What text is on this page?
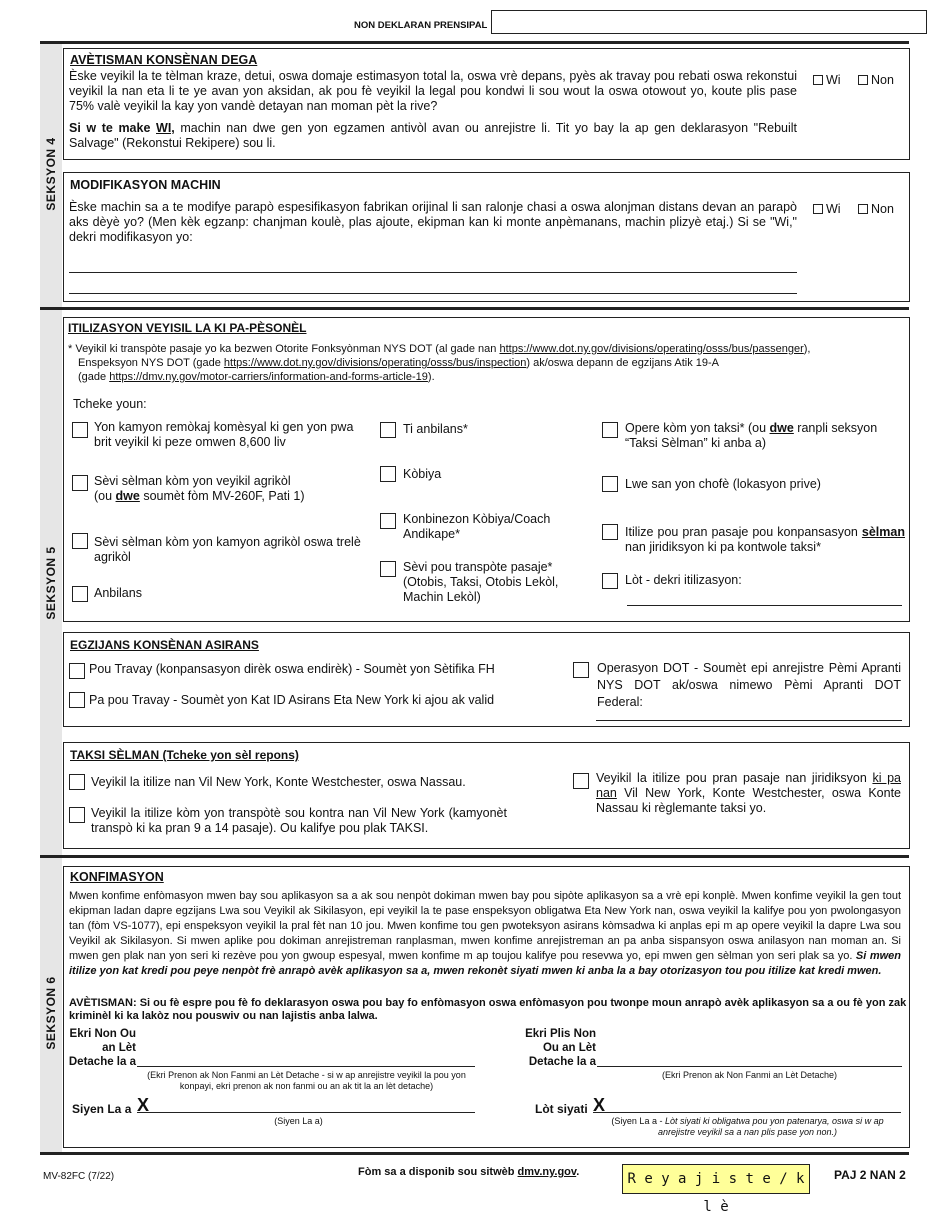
NON DEKLARAN PRENSIPAL
SEKSYON 4
AVÈTISMAN KONSÈNAN DEGA
Èske veyikil la te tèlman kraze, detui, oswa domaje estimasyon total la, oswa vrè depans, pyès ak travay pou rebati oswa rekonstui veyikil la nan eta li te ye avan yon aksidan, ak pou fè veyikil la legal pou kondwi li sou wout la oswa otowout yo, koute plis pase 75% valè veyikil la kay yon vandè detayan nan moman pèt la rive?
Si w te make WI, machin nan dwe gen yon egzamen antivòl avan ou anrejistre li. Tit yo bay la ap gen deklarasyon "Rebuilt Salvage" (Rekonstui Rekipere) sou li.
Wi	Non
MODIFIKASYON MACHIN
Èske machin sa a te modifye parapò espesifikasyon fabrikan orijinal li san ralonje chasi a oswa alonjman distans devan an parapò aks dèyè yo? (Men kèk egzanp: chanjman koulè, plas ajoute, ekipman kan ki monte anpèmanans, machin plizyè etaj.) Si se "Wi," dekri modifikasyon yo:
Wi	Non
SEKSYON 5
ITILIZASYON VEYISIL LA KI PA-PÈSONÈL
* Veyikil ki transpòte pasaje yo ka bezwen Otorite Fonksyònman NYS DOT (al gade nan https://www.dot.ny.gov/divisions/operating/osss/bus/passenger),
Enspeksyon NYS DOT (gade https://www.dot.ny.gov/divisions/operating/osss/bus/inspection) ak/oswa depann de egzijans Atik 19-A
(gade https://dmv.ny.gov/motor-carriers/information-and-forms-article-19).
Tcheke youn:
Yon kamyon remòkaj komèsyal ki gen yon pwa brit veyikil ki peze omwen 8,600 liv
Sèvi sèlman kòm yon veyikil agrikòl
(ou dwe soumèt fòm MV-260F, Pati 1)
Sèvi sèlman kòm yon kamyon agrikòl oswa trelè agrikòl
Anbilans
Ti anbilans*
Kòbiya
Konbinezon Kòbiya/Coach Andikape*
Sèvi pou transpòte pasaje* (Otobis, Taksi, Otobis Lekòl, Machin Lekòl)
Opere kòm yon taksi* (ou dwe ranpli seksyon “Taksi Sèlman” ki anba a)
Lwe san yon chofè (lokasyon prive)
Itilize pou pran pasaje pou konpansasyon sèlman nan jiridiksyon ki pa kontwole taksi*
Lòt - dekri itilizasyon:
EGZIJANS KONSÈNAN ASIRANS
Pou Travay (konpansasyon dirèk oswa endirèk) - Soumèt yon Sètifika FH
Pa pou Travay - Soumèt yon Kat ID Asirans Eta New York ki ajou ak valid
Operasyon DOT - Soumèt epi anrejistre Pèmi Apranti NYS DOT ak/oswa nimewo Pèmi Apranti DOT Federal:
TAKSI SÈLMAN (Tcheke yon sèl repons)
Veyikil la itilize nan Vil New York, Konte Westchester, oswa Nassau.
Veyikil la itilize kòm yon transpòtè sou kontra nan Vil New York (kamyonèt transpò ki ka pran 9 a 14 pasaje). Ou kalifye pou plak TAKSI.
Veyikil la itilize pou pran pasaje nan jiridiksyon ki pa nan Vil New York, Konte Westchester, oswa Konte Nassau ki règlemante taksi yo.
SEKSYON 6
KONFIMASYON
Mwen konfime enfòmasyon mwen bay sou aplikasyon sa a ak sou nenpòt dokiman mwen bay pou sipòte aplikasyon sa a vrè epi konplè. Mwen konfime veyikil la gen tout ekipman ladan dapre egzijans Lwa sou Veyikil ak Sikilasyon, epi veyikil la te pase enspeksyon obligatwa Eta New York nan, oswa veyikil la kalifye pou yon pwolongasyon tan (fòm VS-1077), epi enspeksyon veyikil la pral fèt nan 10 jou. Mwen konfime tou gen pwoteksyon asirans kòmsadwa ki anplas epi m ap opere veyikil la dapre Lwa sou Veyikil ak Sikilasyon. Si mwen aplike pou dokiman anrejistreman ranplasman, mwen konfime anrejistreman an pa anba sispansyon oswa anilasyon nan moman an. Si mwen gen plak nan yon seri ki rezève pou yon gwoup espesyal, mwen konfime m ap toujou kalifye pou resevwa yo, epi mwen gen sèlman yon seri plak sa yo. Si mwen itilize yon kat kredi pou peye nenpòt frè anrapò avèk aplikasyon sa a, mwen rekonèt siyati mwen ki anba la a bay otorizasyon tou pou itilize kat kredi mwen.
AVÈTISMAN: Si ou fè espre pou fè fo deklarasyon oswa pou bay fo enfòmasyon oswa enfòmasyon pou twonpe moun anrapò avèk aplikasyon sa a ou fè yon zak kriminèl ki ka lakòz nou pouswiv ou nan lajistis anba lalwa.
Ekri Non Ou an Lèt Detache la a
(Ekri Prenon ak Non Fanmi an Lèt Detache - si w ap anrejistre veyikil la pou yon konpayi, ekri prenon ak non fanmi ou an ak tit la an lèt detache)
Ekri Plis Non Ou an Lèt Detache la a
(Ekri Prenon ak Non Fanmi an Lèt Detache)
Siyen La a X
(Siyen La a)
Lòt siyati X
(Siyen La a - Lòt siyati ki obligatwa pou yon patenarya, oswa si w ap anrejistre veyikil sa a nan plis pase yon non.)
MV-82FC (7/22)	Fòm sa a disponib sou sitwèb dmv.ny.gov.	R e y a j i s t e / k l è
PAJ 2 NAN 2
